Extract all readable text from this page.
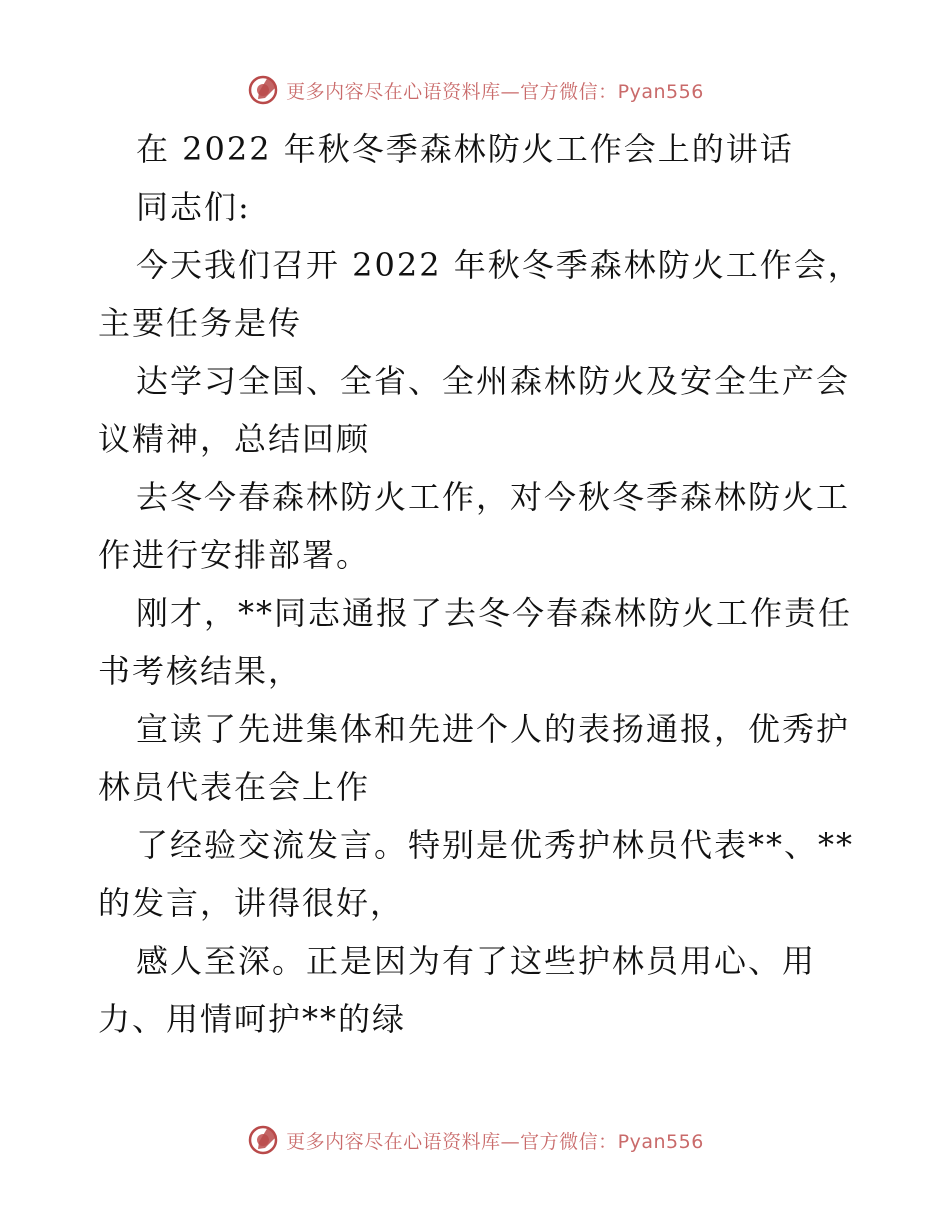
更多内容尽在心语资料库—官方微信：Pyan556
在 2022 年秋冬季森林防火工作会上的讲话
同志们:
今天我们召开 2022 年秋冬季森林防火工作会，
主要任务是传
达学习全国、全省、全州森林防火及安全生产会
议精神，总结回顾
去冬今春森林防火工作，对今秋冬季森林防火工
作进行安排部署。
刚才，**同志通报了去冬今春森林防火工作责任
书考核结果，
宣读了先进集体和先进个人的表扬通报，优秀护
林员代表在会上作
了经验交流发言。特别是优秀护林员代表**、**
的发言，讲得很好，
感人至深。正是因为有了这些护林员用心、用
力、用情呵护**的绿
更多内容尽在心语资料库—官方微信：Pyan556
